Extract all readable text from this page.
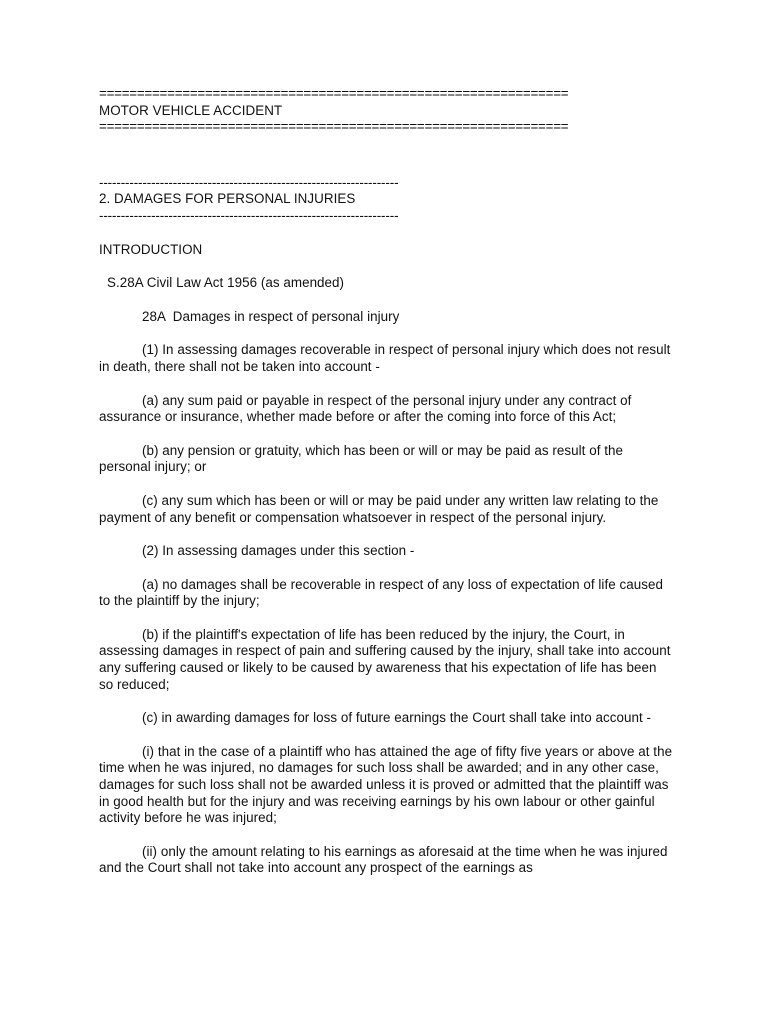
==============================================================
MOTOR VEHICLE ACCIDENT
==============================================================
---------------------------------------------------------------------
2. DAMAGES FOR PERSONAL INJURIES
---------------------------------------------------------------------
INTRODUCTION
S.28A Civil Law Act 1956 (as amended)
28A  Damages in respect of personal injury

(1) In assessing damages recoverable in respect of personal injury which does not result in death, there shall not be taken into account -

(a) any sum paid or payable in respect of the personal injury under any contract of assurance or insurance, whether made before or after the coming into force of this Act;

(b) any pension or gratuity, which has been or will or may be paid as result of the personal injury; or

(c) any sum which has been or will or may be paid under any written law relating to the payment of any benefit or compensation whatsoever in respect of the personal injury.

(2) In assessing damages under this section -

(a) no damages shall be recoverable in respect of any loss of expectation of life caused to the plaintiff by the injury;

(b) if the plaintiff's expectation of life has been reduced by the injury, the Court, in assessing damages in respect of pain and suffering caused by the injury, shall take into account any suffering caused or likely to be caused by awareness that his expectation of life has been so reduced;

(c) in awarding damages for loss of future earnings the Court shall take into account -

(i) that in the case of a plaintiff who has attained the age of fifty five years or above at the time when he was injured, no damages for such loss shall be awarded; and in any other case, damages for such loss shall not be awarded unless it is proved or admitted that the plaintiff was in good health but for the injury and was receiving earnings by his own labour or other gainful activity before he was injured;

(ii) only the amount relating to his earnings as aforesaid at the time when he was injured and the Court shall not take into account any prospect of the earnings as
